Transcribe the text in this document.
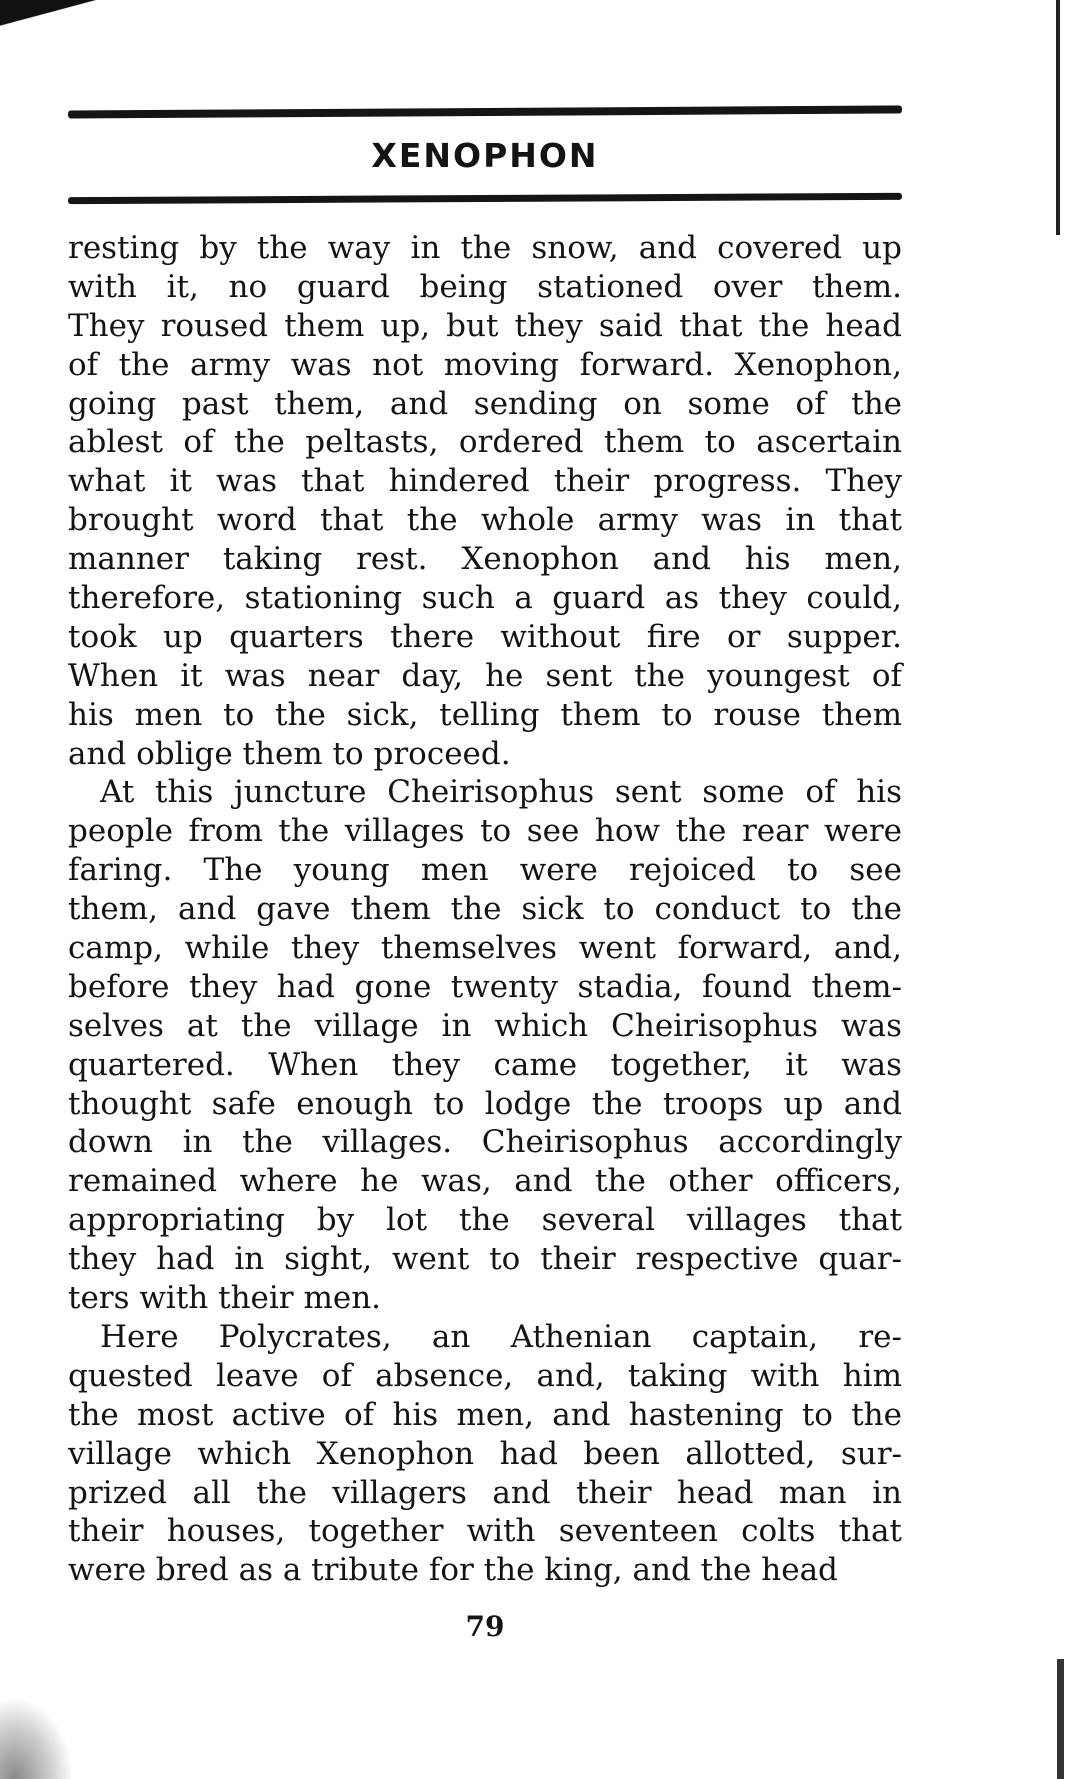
XENOPHON
resting by the way in the snow, and covered up
with it, no guard being stationed over them.
They roused them up, but they said that the head
of the army was not moving forward. Xenophon,
going past them, and sending on some of the
ablest of the peltasts, ordered them to ascertain
what it was that hindered their progress. They
brought word that the whole army was in that
manner taking rest. Xenophon and his men,
therefore, stationing such a guard as they could,
took up quarters there without fire or supper.
When it was near day, he sent the youngest of
his men to the sick, telling them to rouse them
and oblige them to proceed.
At this juncture Cheirisophus sent some of his
people from the villages to see how the rear were
faring. The young men were rejoiced to see
them, and gave them the sick to conduct to the
camp, while they themselves went forward, and,
before they had gone twenty stadia, found them-
selves at the village in which Cheirisophus was
quartered. When they came together, it was
thought safe enough to lodge the troops up and
down in the villages. Cheirisophus accordingly
remained where he was, and the other officers,
appropriating by lot the several villages that
they had in sight, went to their respective quar-
ters with their men.
Here Polycrates, an Athenian captain, re-
quested leave of absence, and, taking with him
the most active of his men, and hastening to the
village which Xenophon had been allotted, sur-
prized all the villagers and their head man in
their houses, together with seventeen colts that
were bred as a tribute for the king, and the head
79
